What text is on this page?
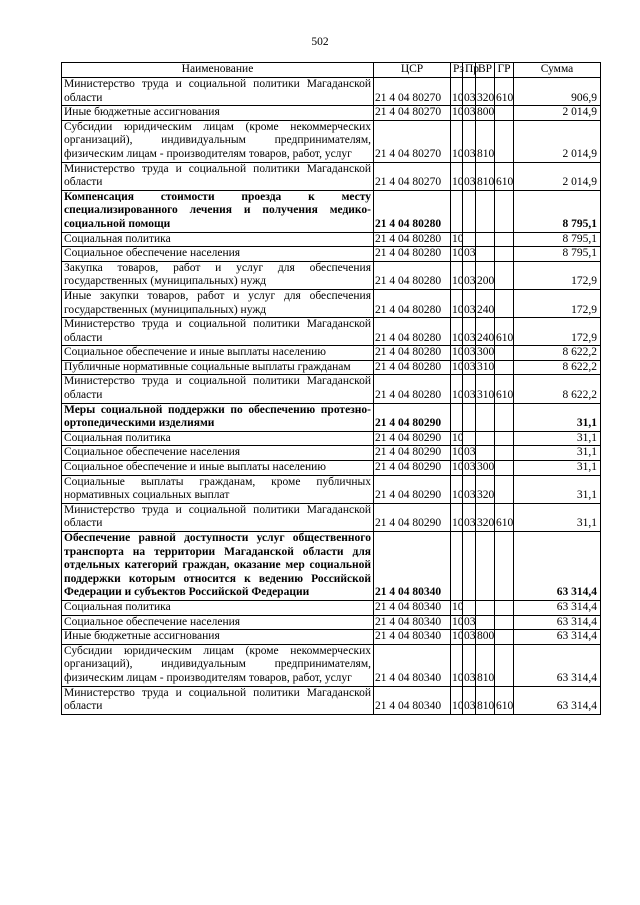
502
Наименование	ЦСР	Рз	Пр	ВР	ГР	Сумма
Министерство труда и социальной политики Магаданской области	21 4 04 80270	10	03	320	610	906,9
Иные бюджетные ассигнования	21 4 04 80270	10	03	800		2 014,9
Субсидии юридическим лицам (кроме некоммерческих организаций), индивидуальным предпринимателям, физическим лицам - производителям товаров, работ, услуг	21 4 04 80270	10	03	810		2 014,9
Министерство труда и социальной политики Магаданской области	21 4 04 80270	10	03	810	610	2 014,9
Компенсация стоимости проезда к месту специализированного лечения и получения медико-социальной помощи	21 4 04 80280					8 795,1
Социальная политика	21 4 04 80280	10				8 795,1
Социальное обеспечение населения	21 4 04 80280	10	03			8 795,1
Закупка товаров, работ и услуг для обеспечения государственных (муниципальных) нужд	21 4 04 80280	10	03	200		172,9
Иные закупки товаров, работ и услуг для обеспечения государственных (муниципальных) нужд	21 4 04 80280	10	03	240		172,9
Министерство труда и социальной политики Магаданской области	21 4 04 80280	10	03	240	610	172,9
Социальное обеспечение и иные выплаты населению	21 4 04 80280	10	03	300		8 622,2
Публичные нормативные социальные выплаты гражданам	21 4 04 80280	10	03	310		8 622,2
Министерство труда и социальной политики Магаданской области	21 4 04 80280	10	03	310	610	8 622,2
Меры социальной поддержки по обеспечению протезно-ортопедическими изделиями	21 4 04 80290					31,1
Социальная политика	21 4 04 80290	10				31,1
Социальное обеспечение населения	21 4 04 80290	10	03			31,1
Социальное обеспечение и иные выплаты населению	21 4 04 80290	10	03	300		31,1
Социальные выплаты гражданам, кроме публичных нормативных социальных выплат	21 4 04 80290	10	03	320		31,1
Министерство труда и социальной политики Магаданской области	21 4 04 80290	10	03	320	610	31,1
Обеспечение равной доступности услуг общественного транспорта на территории Магаданской области для отдельных категорий граждан, оказание мер социальной поддержки которым относится к ведению Российской Федерации и субъектов Российской Федерации	21 4 04 80340					63 314,4
Социальная политика	21 4 04 80340	10				63 314,4
Социальное обеспечение населения	21 4 04 80340	10	03			63 314,4
Иные бюджетные ассигнования	21 4 04 80340	10	03	800		63 314,4
Субсидии юридическим лицам (кроме некоммерческих организаций), индивидуальным предпринимателям, физическим лицам - производителям товаров, работ, услуг	21 4 04 80340	10	03	810		63 314,4
Министерство труда и социальной политики Магаданской области	21 4 04 80340	10	03	810	610	63 314,4
